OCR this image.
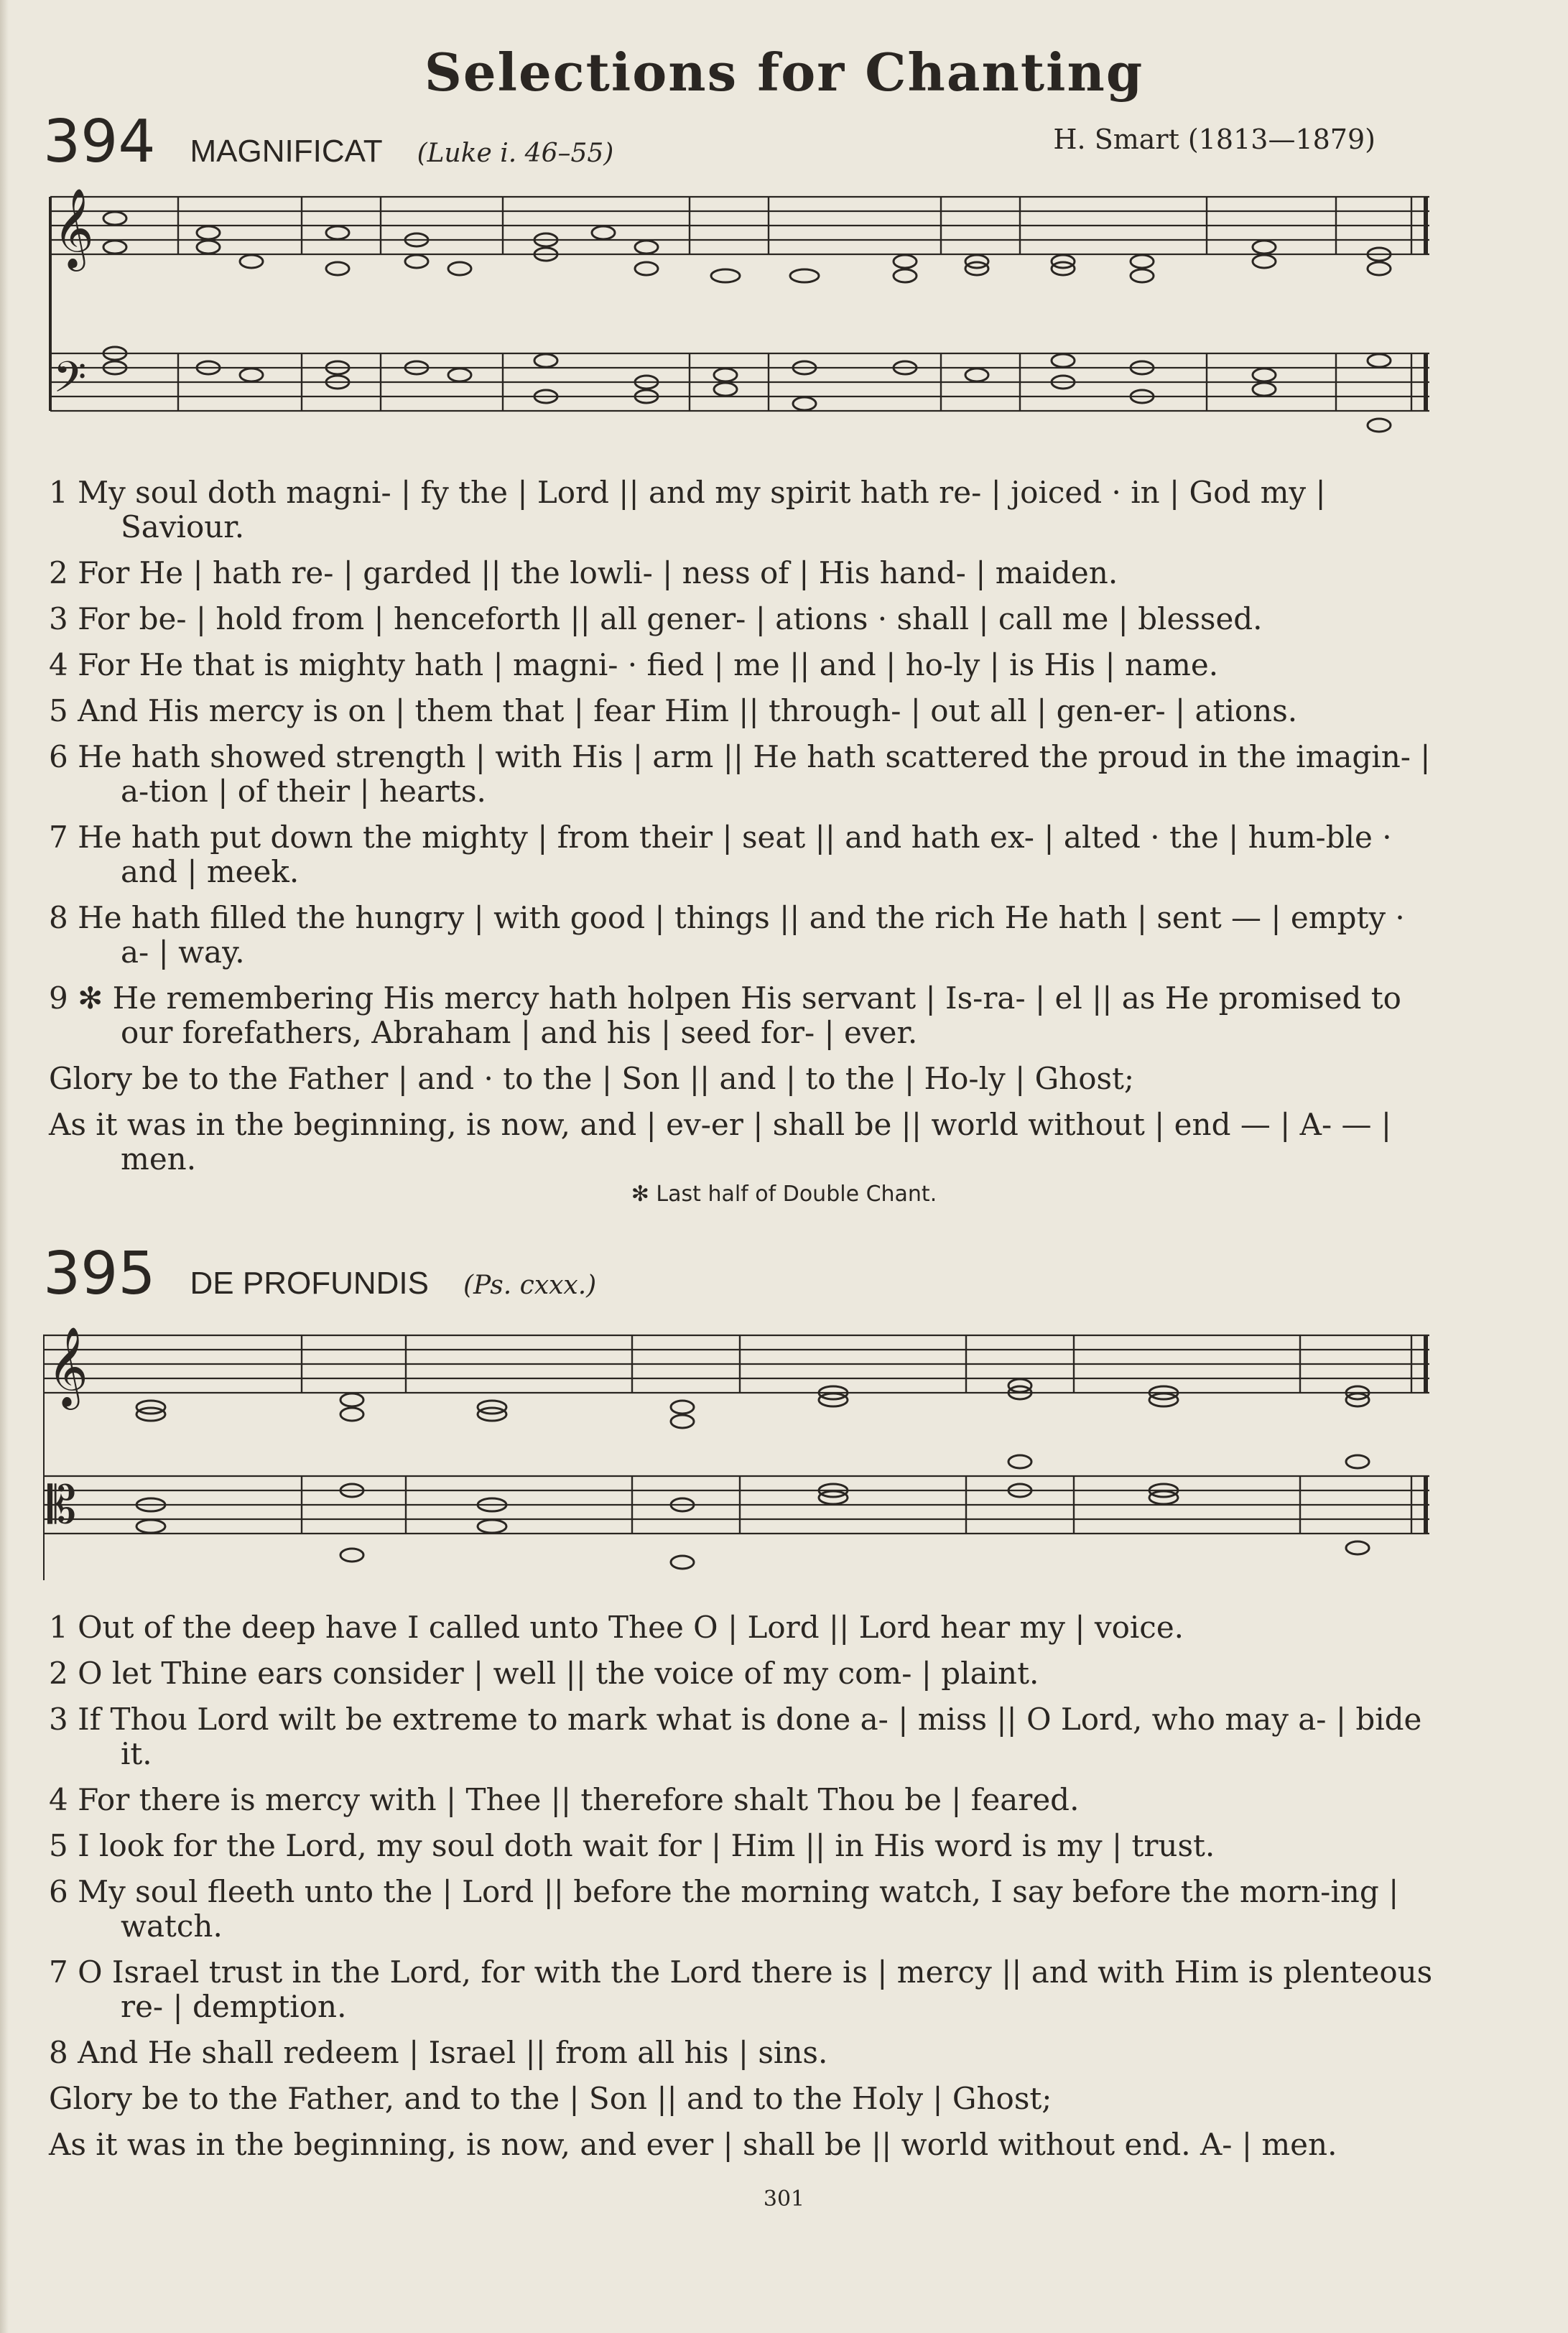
Selections for Chanting
394 MAGNIFICAT (Luke i. 46–55)	H. Smart (1813—1879)
𝄞
𝄢

1 My soul doth magni- | fy the | Lord || and my spirit hath re- | joiced · in | God my | Saviour.

2 For He | hath re- | garded || the lowli- | ness of | His hand- | maiden.

3 For be- | hold from | henceforth || all gener- | ations · shall | call me | blessed.

4 For He that is mighty hath | magni- · fied | me || and | ho-ly | is His | name.

5 And His mercy is on | them that | fear Him || through- | out all | gen-er- | ations.

6 He hath showed strength | with His | arm || He hath scattered the proud in the imagin- | a-tion | of their | hearts.

7 He hath put down the mighty | from their | seat || and hath ex- | alted · the | hum-ble · and | meek.

8 He hath filled the hungry | with good | things || and the rich He hath | sent — | empty · a- | way.

9 ✻ He remembering His mercy hath holpen His servant | Is-ra- | el || as He promised to our forefathers, Abraham | and his | seed for- | ever.

Glory be to the Father | and · to the | Son || and | to the | Ho-ly | Ghost;

As it was in the beginning, is now, and | ev-er | shall be || world without | end — | A- — | men.

✻ Last half of Double Chant.
395 DE PROFUNDIS (Ps. cxxx.)
𝄞
𝄡

1 Out of the deep have I called unto Thee O | Lord || Lord hear my | voice.

2 O let Thine ears consider | well || the voice of my com- | plaint.

3 If Thou Lord wilt be extreme to mark what is done a- | miss || O Lord, who may a- | bide it.

4 For there is mercy with | Thee || therefore shalt Thou be | feared.

5 I look for the Lord, my soul doth wait for | Him || in His word is my | trust.

6 My soul fleeth unto the | Lord || before the morning watch, I say before the morn-ing | watch.

7 O Israel trust in the Lord, for with the Lord there is | mercy || and with Him is plenteous re- | demption.

8 And He shall redeem | Israel || from all his | sins.

Glory be to the Father, and to the | Son || and to the Holy | Ghost;

As it was in the beginning, is now, and ever | shall be || world without end. A- | men.

301
